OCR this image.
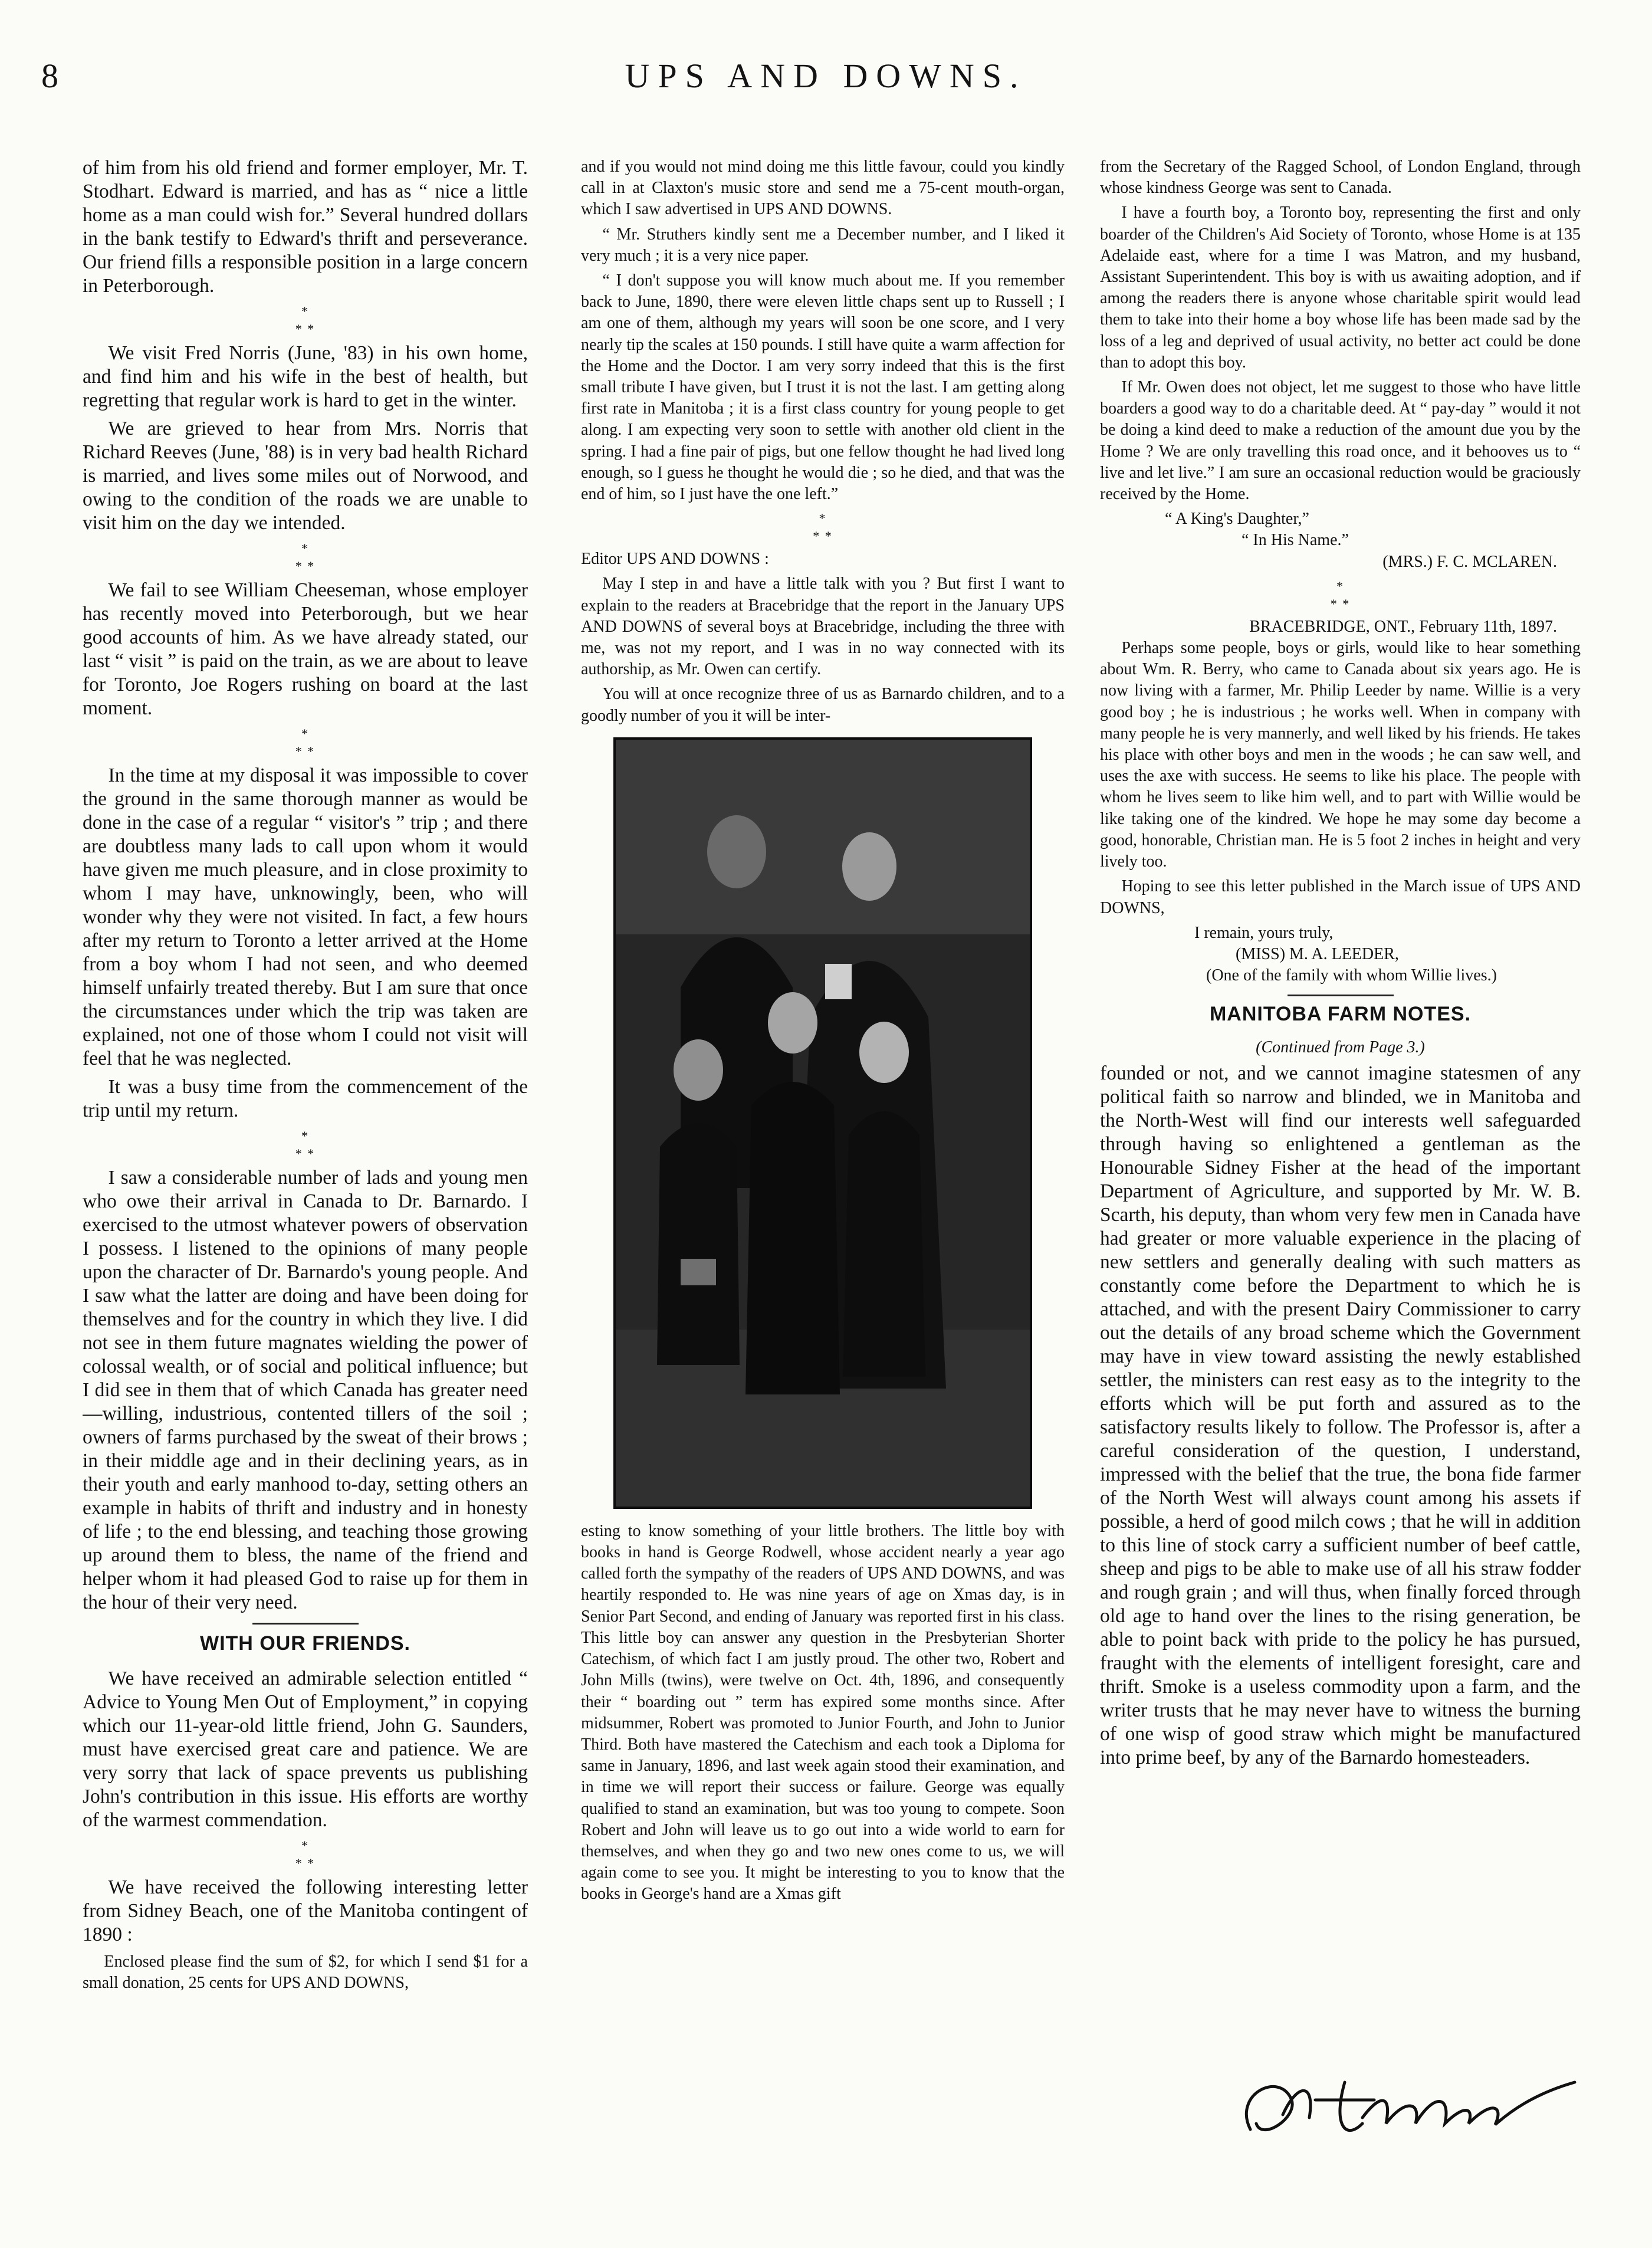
8	UPS AND DOWNS.

of him from his old friend and former employer, Mr. T. Stodhart. Edward is married, and has as “ nice a little home as a man could wish for.” Several hundred dollars in the bank testify to Edward's thrift and perseverance. Our friend fills a responsible position in a large concern in Peterborough.

*
* *

We visit Fred Norris (June, '83) in his own home, and find him and his wife in the best of health, but regretting that regular work is hard to get in the winter.

We are grieved to hear from Mrs. Norris that Richard Reeves (June, '88) is in very bad health Richard is married, and lives some miles out of Norwood, and owing to the condition of the roads we are unable to visit him on the day we intended.

*
* *

We fail to see William Cheeseman, whose employer has recently moved into Peterborough, but we hear good accounts of him. As we have already stated, our last “ visit ” is paid on the train, as we are about to leave for Toronto, Joe Rogers rushing on board at the last moment.

*
* *

In the time at my disposal it was impossible to cover the ground in the same thorough manner as would be done in the case of a regular “ visitor's ” trip ; and there are doubtless many lads to call upon whom it would have given me much pleasure, and in close proximity to whom I may have, unknowingly, been, who will wonder why they were not visited. In fact, a few hours after my return to Toronto a letter arrived at the Home from a boy whom I had not seen, and who deemed himself unfairly treated thereby. But I am sure that once the circumstances under which the trip was taken are explained, not one of those whom I could not visit will feel that he was neglected.

It was a busy time from the commencement of the trip until my return.

*
* *

I saw a considerable number of lads and young men who owe their arrival in Canada to Dr. Barnardo. I exercised to the utmost whatever powers of observation I possess. I listened to the opinions of many people upon the character of Dr. Barnardo's young people. And I saw what the latter are doing and have been doing for themselves and for the country in which they live. I did not see in them future magnates wielding the power of colossal wealth, or of social and political influence; but I did see in them that of which Canada has greater need —willing, industrious, contented tillers of the soil ; owners of farms purchased by the sweat of their brows ; in their middle age and in their declining years, as in their youth and early manhood to-day, setting others an example in habits of thrift and industry and in honesty of life ; to the end blessing, and teaching those growing up around them to bless, the name of the friend and helper whom it had pleased God to raise up for them in the hour of their very need.

WITH OUR FRIENDS.

We have received an admirable selection entitled “ Advice to Young Men Out of Employment,” in copying which our 11-year-old little friend, John G. Saunders, must have exercised great care and patience. We are very sorry that lack of space prevents us publishing John's contribution in this issue. His efforts are worthy of the warmest commendation.

*
* *

We have received the following interesting letter from Sidney Beach, one of the Manitoba contingent of 1890 :

Enclosed please find the sum of $2, for which I send $1 for a small donation, 25 cents for UPS AND DOWNS,

and if you would not mind doing me this little favour, could you kindly call in at Claxton's music store and send me a 75-cent mouth-organ, which I saw advertised in UPS AND DOWNS.

“ Mr. Struthers kindly sent me a December number, and I liked it very much ; it is a very nice paper.

“ I don't suppose you will know much about me. If you remember back to June, 1890, there were eleven little chaps sent up to Russell ; I am one of them, although my years will soon be one score, and I very nearly tip the scales at 150 pounds. I still have quite a warm affection for the Home and the Doctor. I am very sorry indeed that this is the first small tribute I have given, but I trust it is not the last. I am getting along first rate in Manitoba ; it is a first class country for young people to get along. I am expecting very soon to settle with another old client in the spring. I had a fine pair of pigs, but one fellow thought he had lived long enough, so I guess he thought he would die ; so he died, and that was the end of him, so I just have the one left.”

*
* *

Editor UPS AND DOWNS :

May I step in and have a little talk with you ? But first I want to explain to the readers at Bracebridge that the report in the January UPS AND DOWNS of several boys at Bracebridge, including the three with me, was not my report, and I was in no way connected with its authorship, as Mr. Owen can certify.

You will at once recognize three of us as Barnardo children, and to a goodly number of you it will be inter-

esting to know something of your little brothers. The little boy with books in hand is George Rodwell, whose accident nearly a year ago called forth the sympathy of the readers of UPS AND DOWNS, and was heartily responded to. He was nine years of age on Xmas day, is in Senior Part Second, and ending of January was reported first in his class. This little boy can answer any question in the Presbyterian Shorter Catechism, of which fact I am justly proud. The other two, Robert and John Mills (twins), were twelve on Oct. 4th, 1896, and consequently their “ boarding out ” term has expired some months since. After midsummer, Robert was promoted to Junior Fourth, and John to Junior Third. Both have mastered the Catechism and each took a Diploma for same in January, 1896, and last week again stood their examination, and in time we will report their success or failure. George was equally qualified to stand an examination, but was too young to compete. Soon Robert and John will leave us to go out into a wide world to earn for themselves, and when they go and two new ones come to us, we will again come to see you. It might be interesting to you to know that the books in George's hand are a Xmas gift

from the Secretary of the Ragged School, of London England, through whose kindness George was sent to Canada.

I have a fourth boy, a Toronto boy, representing the first and only boarder of the Children's Aid Society of Toronto, whose Home is at 135 Adelaide east, where for a time I was Matron, and my husband, Assistant Superintendent. This boy is with us awaiting adoption, and if among the readers there is anyone whose charitable spirit would lead them to take into their home a boy whose life has been made sad by the loss of a leg and deprived of usual activity, no better act could be done than to adopt this boy.

If Mr. Owen does not object, let me suggest to those who have little boarders a good way to do a charitable deed. At “ pay-day ” would it not be doing a kind deed to make a reduction of the amount due you by the Home ? We are only travelling this road once, and it behooves us to “ live and let live.” I am sure an occasional reduction would be graciously received by the Home.

“ A King's Daughter,”
“ In His Name.”
(MRS.) F. C. MCLAREN.
*
* *
BRACEBRIDGE, ONT., February 11th, 1897.

Perhaps some people, boys or girls, would like to hear something about Wm. R. Berry, who came to Canada about six years ago. He is now living with a farmer, Mr. Philip Leeder by name. Willie is a very good boy ; he is industrious ; he works well. When in company with many people he is very mannerly, and well liked by his friends. He takes his place with other boys and men in the woods ; he can saw well, and uses the axe with success. He seems to like his place. The people with whom he lives seem to like him well, and to part with Willie would be like taking one of the kindred. We hope he may some day become a good, honorable, Christian man. He is 5 foot 2 inches in height and very lively too.

Hoping to see this letter published in the March issue of UPS AND DOWNS,

I remain, yours truly,
(MISS) M. A. LEEDER,
(One of the family with whom Willie lives.)
MANITOBA FARM NOTES.
(Continued from Page 3.)

founded or not, and we cannot imagine statesmen of any political faith so narrow and blinded, we in Manitoba and the North-West will find our interests well safeguarded through having so enlightened a gentleman as the Honourable Sidney Fisher at the head of the important Department of Agriculture, and supported by Mr. W. B. Scarth, his deputy, than whom very few men in Canada have had greater or more valuable experience in the placing of new settlers and generally dealing with such matters as constantly come before the Department to which he is attached, and with the present Dairy Commissioner to carry out the details of any broad scheme which the Government may have in view toward assisting the newly established settler, the ministers can rest easy as to the integrity to the efforts which will be put forth and assured as to the satisfactory results likely to follow. The Professor is, after a careful consideration of the question, I understand, impressed with the belief that the true, the bona fide farmer of the North West will always count among his assets if possible, a herd of good milch cows ; that he will in addition to this line of stock carry a sufficient number of beef cattle, sheep and pigs to be able to make use of all his straw fodder and rough grain ; and will thus, when finally forced through old age to hand over the lines to the rising generation, be able to point back with pride to the policy he has pursued, fraught with the elements of intelligent foresight, care and thrift. Smoke is a useless commodity upon a farm, and the writer trusts that he may never have to witness the burning of one wisp of good straw which might be manufactured into prime beef, by any of the Barnardo homesteaders.
